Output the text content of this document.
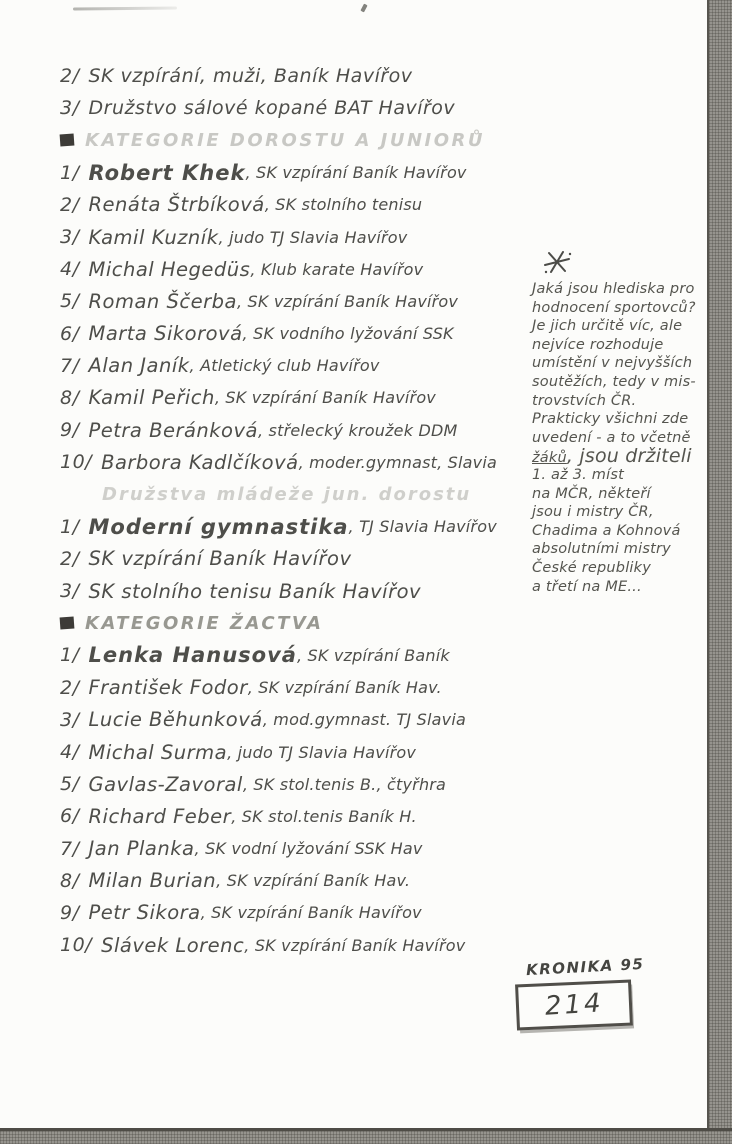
2/ SK vzpírání, muži, Baník Havířov
3/ Družstvo sálové kopané BAT Havířov
KATEGORIE DOROSTU A JUNIORŮ
1/ Robert Khek , SK vzpírání Baník Havířov
2/ Renáta Štrbíková , SK stolního tenisu
3/ Kamil Kuzník , judo TJ Slavia Havířov
4/ Michal Hegedüs , Klub karate Havířov
5/ Roman Ščerba , SK vzpírání Baník Havířov
6/ Marta Sikorová , SK vodního lyžování SSK
7/ Alan Janík , Atletický club Havířov
8/ Kamil Peřich , SK vzpírání Baník Havířov
9/ Petra Beránková , střelecký kroužek DDM
10/ Barbora Kadlčíková , moder.gymnast, Slavia
Družstva mládeže jun. dorostu
1/ Moderní gymnastika , TJ Slavia Havířov
2/ SK vzpírání Baník Havířov
3/ SK stolního tenisu Baník Havířov
KATEGORIE ŽACTVA
1/ Lenka Hanusová , SK vzpírání Baník
2/ František Fodor , SK vzpírání Baník Hav.
3/ Lucie Běhunková , mod.gymnast. TJ Slavia
4/ Michal Surma , judo TJ Slavia Havířov
5/ Gavlas-Zavoral , SK stol.tenis B., čtyřhra
6/ Richard Feber , SK stol.tenis Baník H.
7/ Jan Planka , SK vodní lyžování SSK Hav
8/ Milan Burian , SK vzpírání Baník Hav.
9/ Petr Sikora , SK vzpírání Baník Havířov
10/ Slávek Lorenc , SK vzpírání Baník Havířov
Jaká jsou hlediska pro
hodnocení sportovců?
Je jich určitě víc, ale
nejvíce rozhoduje
umístění v nejvyšších
soutěžích, tedy v mis-
trovstvích ČR.
Prakticky všichni zde
uvedení - a to včetně
žáků, jsou držiteli
1. až 3. míst
na MČR, někteří
jsou i mistry ČR,
Chadima a Kohnová
absolutními mistry
České republiky
a třetí na ME...
KRONIKA 95
214
